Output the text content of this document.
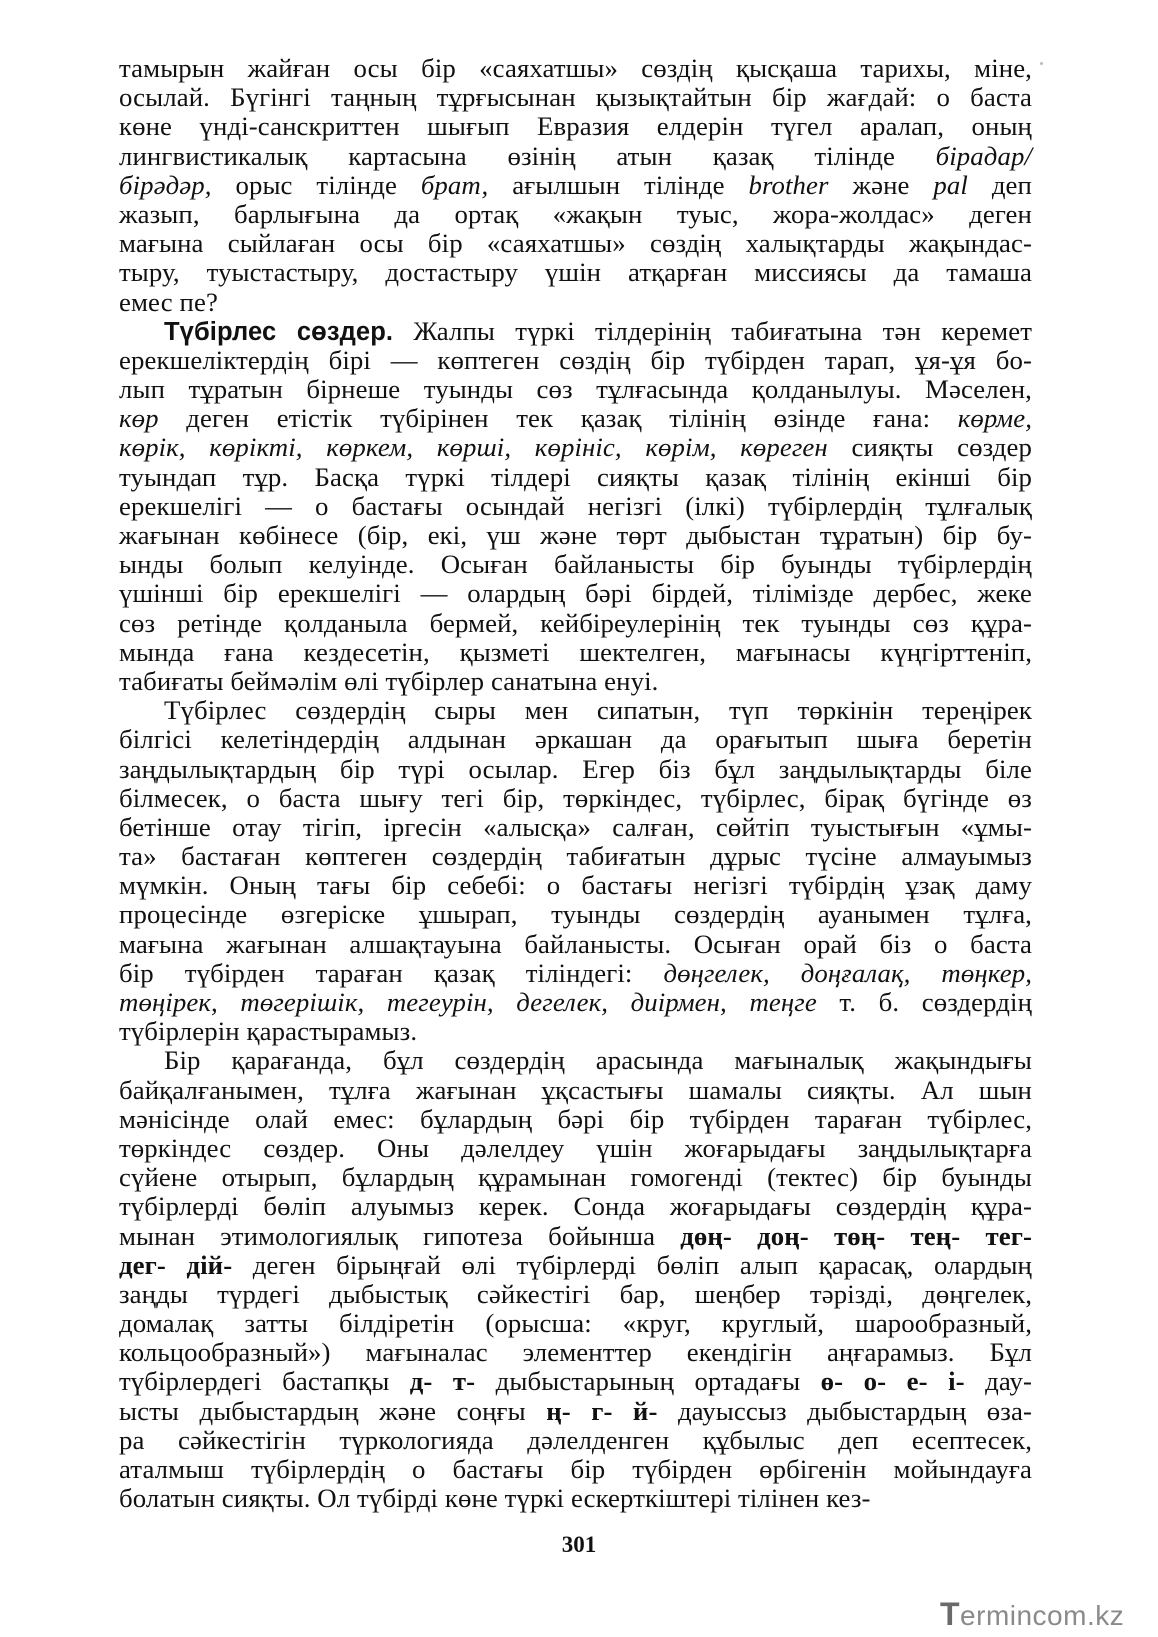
тамырын жайған осы бір «саяхатшы» сөздің қысқаша тарихы, міне,
осылай. Бүгінгі таңның тұрғысынан қызықтайтын бір жағдай: о баста
көне үнді-санскриттен шығып Евразия елдерін түгел аралап, оның
лингвистикалық картасына өзінің атын қазақ тілінде бірадар/
бірәдәр, орыс тілінде брат, ағылшын тілінде brother және pal деп
жазып, барлығына да ортақ «жақын туыс, жора-жолдас» деген
мағына сыйлаған осы бір «саяхатшы» сөздің халықтарды жақындас-
тыру, туыстастыру, достастыру үшін атқарған миссиясы да тамаша
емес пе?
Түбірлес сөздер. Жалпы түркі тілдерінің табиғатына тән керемет
ерекшеліктердің бірі — көптеген сөздің бір түбірден тарап, ұя-ұя бо-
лып тұратын бірнеше туынды сөз тұлғасында қолданылуы. Мәселен,
көр деген етістік түбірінен тек қазақ тілінің өзінде ғана: көрме,
көрік, көрікті, көркем, көрші, көрініс, көрім, көреген сияқты сөздер
туындап тұр. Басқа түркі тілдері сияқты қазақ тілінің екінші бір
ерекшелігі — о бастағы осындай негізгі (ілкі) түбірлердің тұлғалық
жағынан көбінесе (бір, екі, үш және төрт дыбыстан тұратын) бір бу-
ынды болып келуінде. Осыған байланысты бір буынды түбірлердің
үшінші бір ерекшелігі — олардың бәрі бірдей, тілімізде дербес, жеке
сөз ретінде қолданыла бермей, кейбіреулерінің тек туынды сөз құра-
мында ғана кездесетін, қызметі шектелген, мағынасы күңгірттеніп,
табиғаты беймәлім өлі түбірлер санатына енуі.
Түбірлес сөздердің сыры мен сипатын, түп төркінін тереңірек
білгісі келетіндердің алдынан әркашан да орағытып шыға беретін
заңдылықтардың бір түрі осылар. Егер біз бұл заңдылықтарды біле
білмесек, о баста шығу тегі бір, төркіндес, түбірлес, бірақ бүгінде өз
бетінше отау тігіп, іргесін «алысқа» салған, сөйтіп туыстығын «ұмы-
та» бастаған көптеген сөздердің табиғатын дұрыс түсіне алмауымыз
мүмкін. Оның тағы бір себебі: о бастағы негізгі түбірдің ұзақ даму
процесінде өзгеріске ұшырап, туынды сөздердің ауанымен тұлға,
мағына жағынан алшақтауына байланысты. Осыған орай біз о баста
бір түбірден тараған қазақ тіліндегі: дөңгелек, доңғалақ, төңкер,
төңірек, төгерішік, тегеурін, дегелек, диірмен, теңге т. б. сөздердің
түбірлерін қарастырамыз.
Бір қарағанда, бұл сөздердің арасында мағыналық жақындығы
байқалғанымен, тұлға жағынан ұқсастығы шамалы сияқты. Ал шын
мәнісінде олай емес: бұлардың бәрі бір түбірден тараған түбірлес,
төркіндес сөздер. Оны дәлелдеу үшін жоғарыдағы заңдылықтарға
сүйене отырып, бұлардың құрамынан гомогенді (тектес) бір буынды
түбірлерді бөліп алуымыз керек. Сонда жоғарыдағы сөздердің құра-
мынан этимологиялық гипотеза бойынша дөң- доң- төң- тең- тег-
дег- дій- деген бірыңғай өлі түбірлерді бөліп алып қарасақ, олардың
заңды түрдегі дыбыстық сәйкестігі бар, шеңбер тәрізді, дөңгелек,
домалақ затты білдіретін (орысша: «круг, круглый, шарообразный,
кольцообразный») мағыналас элементтер екендігін аңғарамыз. Бұл
түбірлердегі бастапқы д- т- дыбыстарының ортадағы ө- о- е- і- дау-
ысты дыбыстардың және соңғы ң- г- й- дауыссыз дыбыстардың өза-
ра сәйкестігін түркологияда дәлелденген құбылыс деп есептесек,
аталмыш түбірлердің о бастағы бір түбірден өрбігенін мойындауға
болатын сияқты. Ол түбірді көне түркі ескерткіштері тілінен кез-
301
Termincom.kz
